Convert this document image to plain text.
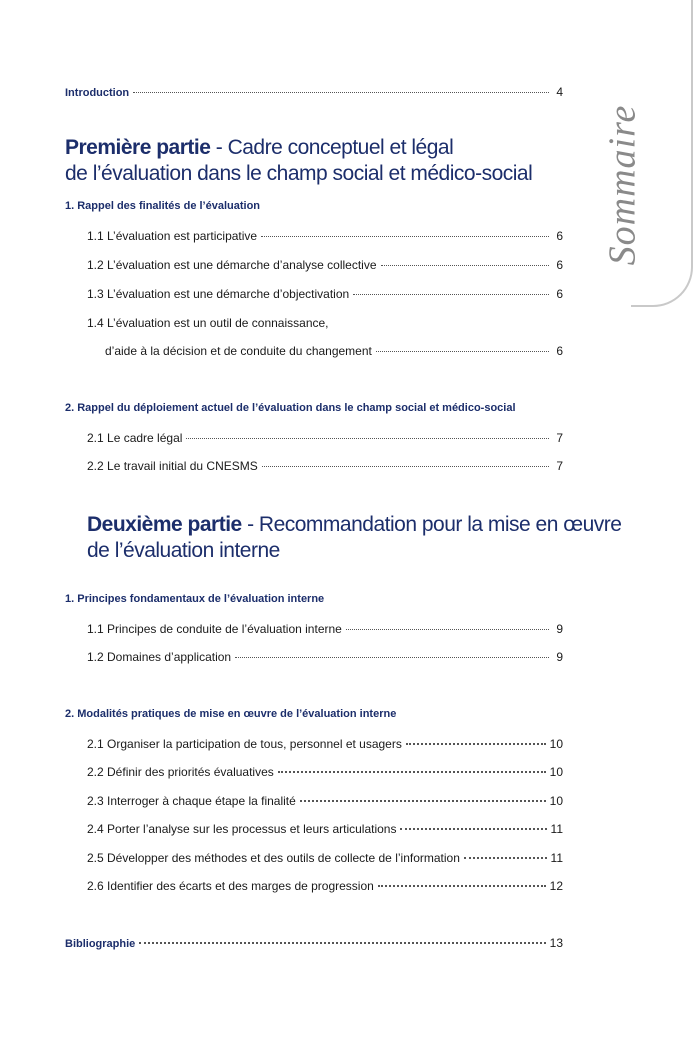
Sommaire
Introduction	4
Première partie - Cadre conceptuel et légal
de l’évaluation dans le champ social et médico-social
1. Rappel des finalités de l’évaluation
1.1 L’évaluation est participative	6
1.2 L’évaluation est une démarche d’analyse collective	6
1.3 L’évaluation est une démarche d’objectivation	6
1.4 L’évaluation est un outil de connaissance,
d’aide à la décision et de conduite du changement	6
2. Rappel du déploiement actuel de l’évaluation dans le champ social et médico-social
2.1 Le cadre légal	7
2.2 Le travail initial du CNESMS	7
Deuxième partie - Recommandation pour la mise en œuvre
de l’évaluation interne
1. Principes fondamentaux de l’évaluation interne
1.1 Principes de conduite de l’évaluation interne	9
1.2 Domaines d’application	9
2. Modalités pratiques de mise en œuvre de l’évaluation interne
2.1 Organiser la participation de tous, personnel et usagers	10
2.2 Définir des priorités évaluatives	10
2.3 Interroger à chaque étape la finalité	10
2.4 Porter l’analyse sur les processus et leurs articulations	11
2.5 Développer des méthodes et des outils de collecte de l’information	11
2.6 Identifier des écarts et des marges de progression	12
Bibliographie	13
